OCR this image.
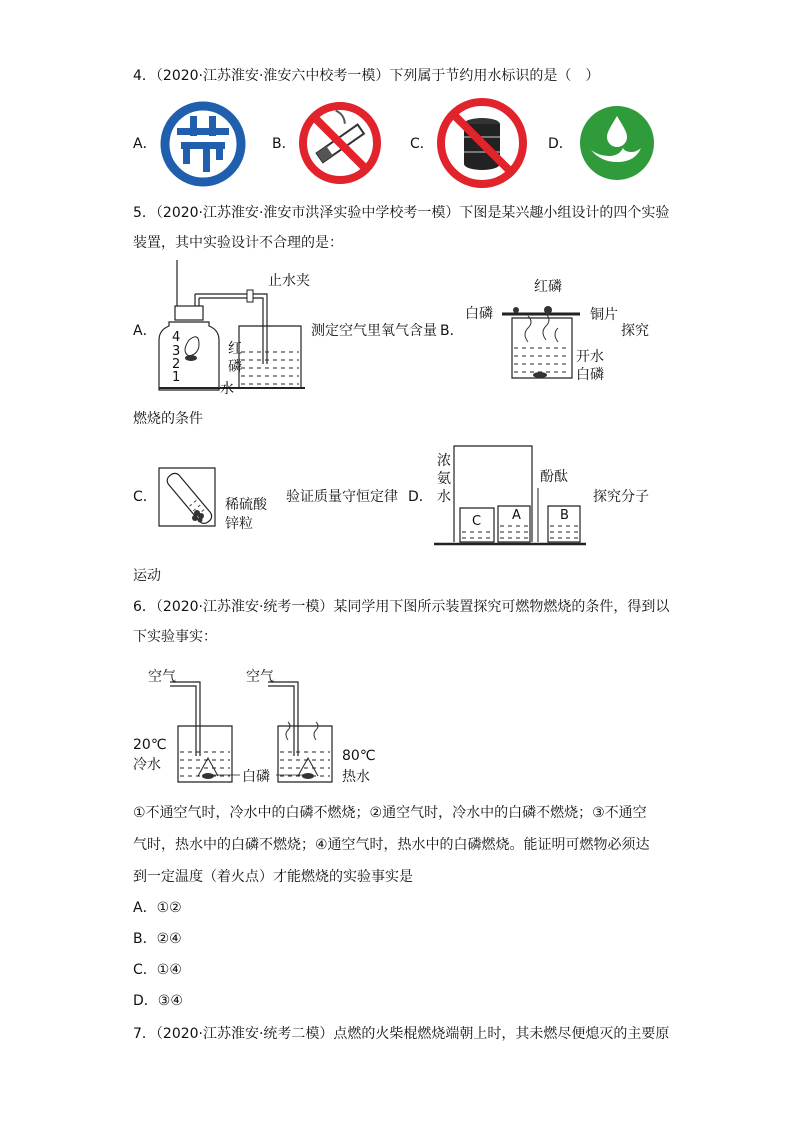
4．（2020·江苏淮安·淮安六中校考一模）下列属于节约用水标识的是（　）
A．	B．	C．	D．
5．（2020·江苏淮安·淮安市洪泽实验中学校考一模）下图是某兴趣小组设计的四个实验
装置，其中实验设计不合理的是：
A． 4
3
2
1
止水夹
红
磷
水
测定空气里氧气含量 B．
红磷
白磷	铜片
开水
白磷
探究
燃烧的条件
C．	稀硫酸
锌粒
验证质量守恒定律 D．
浓
氨
水
酚酞
C A	B
探究分子
运动
6．（2020·江苏淮安·统考一模）某同学用下图所示装置探究可燃物燃烧的条件，得到以
下实验事实：
空气	空气
20℃
冷水
白磷
80℃
热水
①不通空气时，冷水中的白磷不燃烧；②通空气时，冷水中的白磷不燃烧；③不通空
气时，热水中的白磷不燃烧；④通空气时，热水中的白磷燃烧。能证明可燃物必须达
到一定温度（着火点）才能燃烧的实验事实是
A．①②
B．②④
C．①④
D．③④
7．（2020·江苏淮安·统考二模）点燃的火柴棍燃烧端朝上时，其未燃尽便熄灭的主要原
